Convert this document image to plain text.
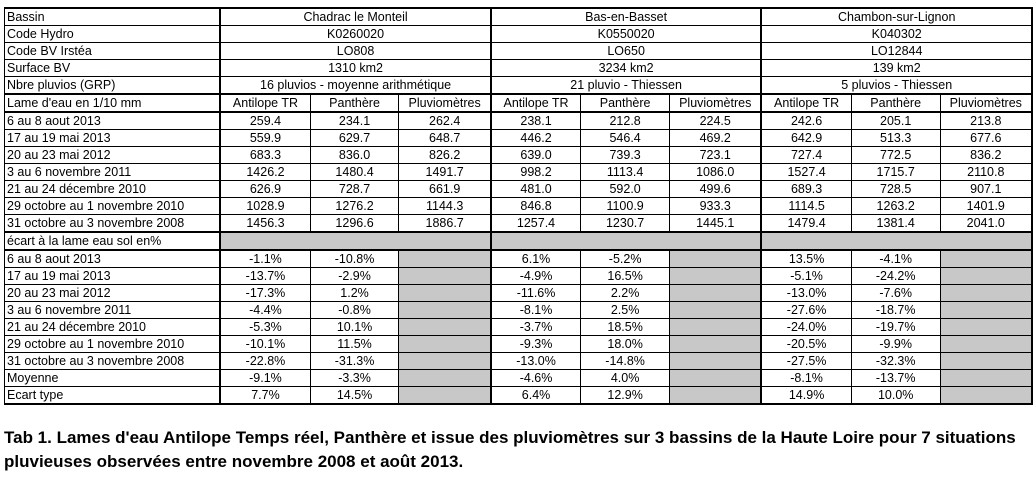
Bassin	Chadrac le Monteil			Bas-en-Basset			Chambon-sur-Lignon		
Code Hydro	K0260020			K0550020			K040302		
Code BV Irstéa	LO808			LO650			LO12844		
Surface BV	1310 km2			3234 km2			139 km2		
Nbre pluvios (GRP)	16 pluvios - moyenne arithmétique			21 pluvio - Thiessen			5 pluvios - Thiessen		
Lame d'eau en 1/10 mm	Antilope TR	Panthère	Pluviomètres	Antilope TR	Panthère	Pluviomètres	Antilope TR	Panthère	Pluviomètres
6 au 8 aout 2013	259.4	234.1	262.4	238.1	212.8	224.5	242.6	205.1	213.8
17 au 19 mai 2013	559.9	629.7	648.7	446.2	546.4	469.2	642.9	513.3	677.6
20 au 23 mai 2012	683.3	836.0	826.2	639.0	739.3	723.1	727.4	772.5	836.2
3 au 6 novembre 2011	1426.2	1480.4	1491.7	998.2	1113.4	1086.0	1527.4	1715.7	2110.8
21 au 24 décembre 2010	626.9	728.7	661.9	481.0	592.0	499.6	689.3	728.5	907.1
29 octobre au 1 novembre 2010	1028.9	1276.2	1144.3	846.8	1100.9	933.3	1114.5	1263.2	1401.9
31 octobre au 3 novembre 2008	1456.3	1296.6	1886.7	1257.4	1230.7	1445.1	1479.4	1381.4	2041.0
écart à la lame eau sol en%									
6 au 8 aout 2013	-1.1%	-10.8%		6.1%	-5.2%		13.5%	-4.1%	
17 au 19 mai 2013	-13.7%	-2.9%		-4.9%	16.5%		-5.1%	-24.2%	
20 au 23 mai 2012	-17.3%	1.2%		-11.6%	2.2%		-13.0%	-7.6%	
3 au 6 novembre 2011	-4.4%	-0.8%		-8.1%	2.5%		-27.6%	-18.7%	
21 au 24 décembre 2010	-5.3%	10.1%		-3.7%	18.5%		-24.0%	-19.7%	
29 octobre au 1 novembre 2010	-10.1%	11.5%		-9.3%	18.0%		-20.5%	-9.9%	
31 octobre au 3 novembre 2008	-22.8%	-31.3%		-13.0%	-14.8%		-27.5%	-32.3%	
Moyenne	-9.1%	-3.3%		-4.6%	4.0%		-8.1%	-13.7%	
Ecart type	7.7%	14.5%		6.4%	12.9%		14.9%	10.0%	
Tab 1. Lames d'eau Antilope Temps réel, Panthère et issue des pluviomètres sur 3 bassins de la Haute Loire pour 7 situations pluvieuses observées entre novembre 2008 et août 2013.
